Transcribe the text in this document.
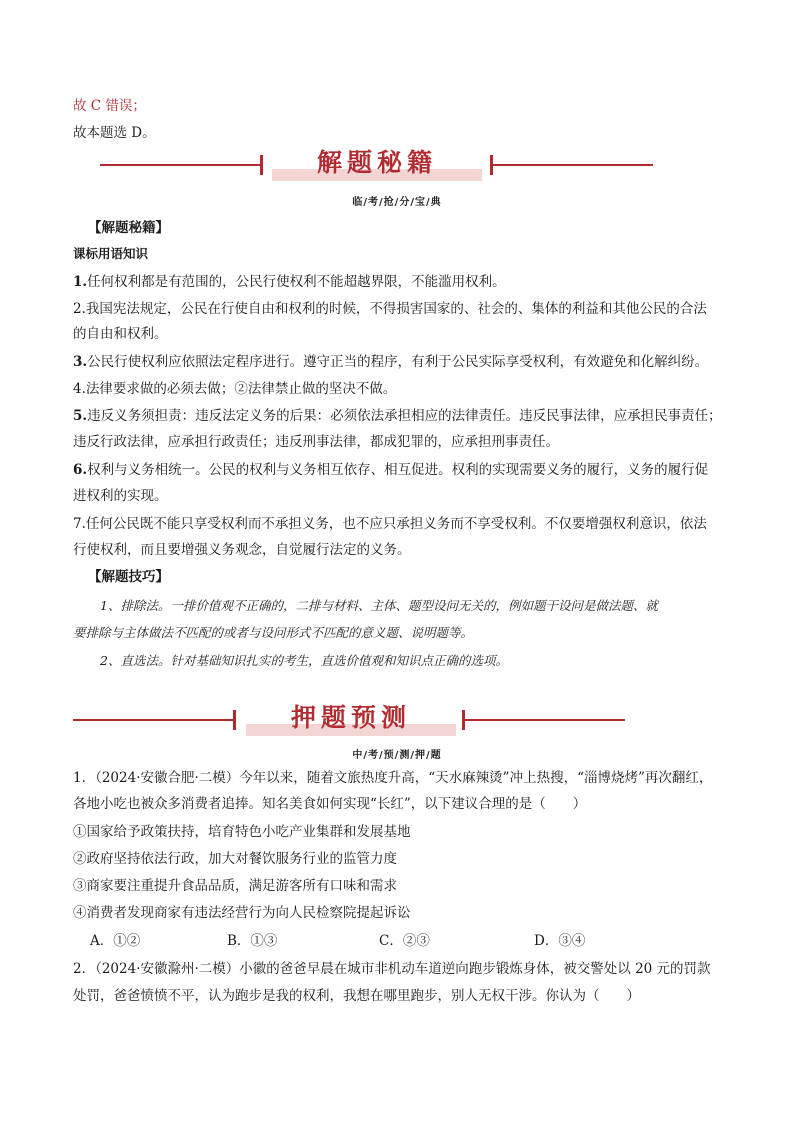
故 C 错误；
故本题选 D。
解题秘籍
临/考/抢/分/宝/典
【解题秘籍】
课标用语知识
1.任何权利都是有范围的，公民行使权利不能超越界限，不能滥用权利。
2.我国宪法规定，公民在行使自由和权利的时候，不得损害国家的、社会的、集体的利益和其他公民的合法
的自由和权利。
3.公民行使权利应依照法定程序进行。遵守正当的程序，有利于公民实际享受权利，有效避免和化解纠纷。
4.法律要求做的必须去做；②法律禁止做的坚决不做。
5.违反义务须担责：违反法定义务的后果：必须依法承担相应的法律责任。违反民事法律，应承担民事责任；
违反行政法律，应承担行政责任；违反刑事法律，都成犯罪的，应承担刑事责任。
6.权利与义务相统一。公民的权利与义务相互依存、相互促进。权利的实现需要义务的履行，义务的履行促
进权利的实现。
7.任何公民既不能只享受权利而不承担义务，也不应只承担义务而不享受权利。不仅要增强权利意识，依法
行使权利，而且要增强义务观念，自觉履行法定的义务。
【解题技巧】
1、排除法。一排价值观不正确的，二排与材料、主体、题型设问无关的，例如题干设问是做法题、就
要排除与主体做法不匹配的或者与设问形式不匹配的意义题、说明题等。
2、直选法。针对基础知识扎实的考生，直选价值观和知识点正确的选项。
押题预测
中/考/预/测/押/题
1．（2024·安徽合肥·二模）今年以来，随着文旅热度升高，“天水麻辣烫”冲上热搜，“淄博烧烤”再次翻红，
各地小吃也被众多消费者追捧。知名美食如何实现“长红”，以下建议合理的是（　　）
①国家给予政策扶持，培育特色小吃产业集群和发展基地
②政府坚持依法行政，加大对餐饮服务行业的监管力度
③商家要注重提升食品品质，满足游客所有口味和需求
④消费者发现商家有违法经营行为向人民检察院提起诉讼
A．①②	B．①③	C．②③	D．③④
2．（2024·安徽滁州·二模）小徽的爸爸早晨在城市非机动车道逆向跑步锻炼身体，被交警处以 20 元的罚款
处罚，爸爸愤愤不平，认为跑步是我的权利，我想在哪里跑步，别人无权干涉。你认为（　　）
